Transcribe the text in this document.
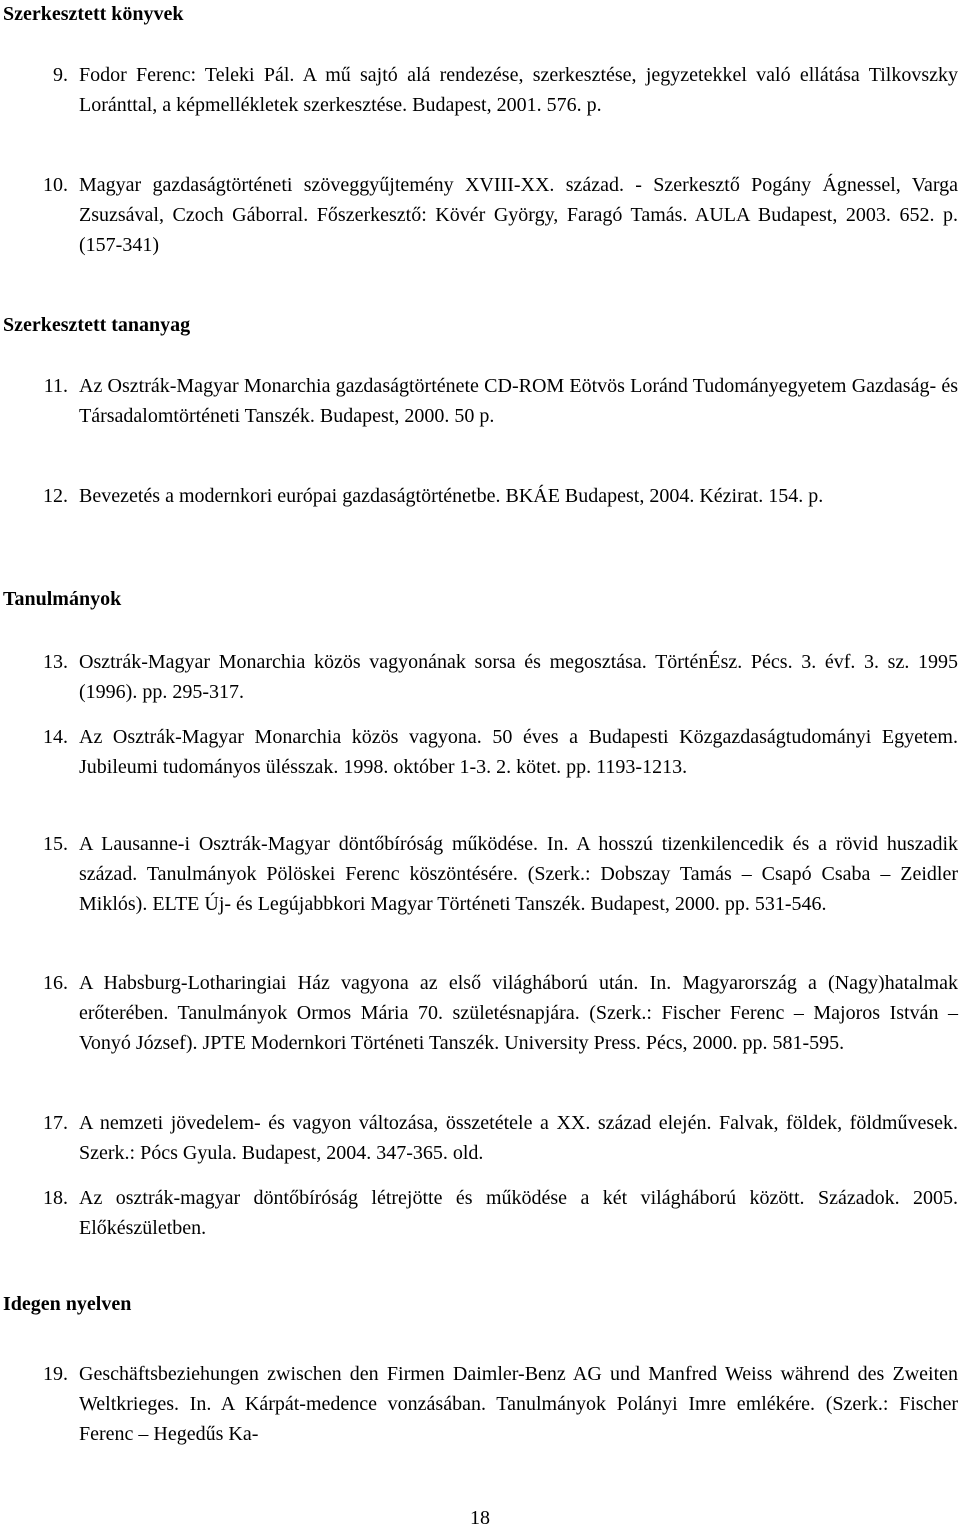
Szerkesztett könyvek
9. Fodor Ferenc: Teleki Pál. A mű sajtó alá rendezése, szerkesztése, jegyzetekkel való ellátása Tilkovszky Loránttal, a képmellékletek szerkesztése. Budapest, 2001. 576. p.
10. Magyar gazdaságtörténeti szöveggyűjtemény XVIII-XX. század. - Szerkesztő Pogány Ágnessel, Varga Zsuzsával, Czoch Gáborral. Főszerkesztő: Kövér György, Faragó Tamás. AULA Budapest, 2003. 652. p. (157-341)
Szerkesztett tananyag
11. Az Osztrák-Magyar Monarchia gazdaságtörténete CD-ROM Eötvös Loránd Tudományegyetem Gazdaság- és Társadalomtörténeti Tanszék. Budapest, 2000. 50 p.
12. Bevezetés a modernkori európai gazdaságtörténetbe. BKÁE Budapest, 2004. Kézirat. 154. p.
Tanulmányok
13. Osztrák-Magyar Monarchia közös vagyonának sorsa és megosztása. TörténÉsz. Pécs. 3. évf. 3. sz. 1995 (1996). pp. 295-317.
14. Az Osztrák-Magyar Monarchia közös vagyona. 50 éves a Budapesti Közgazdaságtudományi Egyetem. Jubileumi tudományos ülésszak. 1998. október 1-3. 2. kötet. pp. 1193-1213.
15. A Lausanne-i Osztrák-Magyar döntőbíróság működése. In. A hosszú tizenkilencedik és a rövid huszadik század. Tanulmányok Pölöskei Ferenc köszöntésére. (Szerk.: Dobszay Tamás – Csapó Csaba – Zeidler Miklós). ELTE Új- és Legújabbkori Magyar Történeti Tanszék. Budapest, 2000. pp. 531-546.
16. A Habsburg-Lotharingiai Ház vagyona az első világháború után. In. Magyarország a (Nagy)hatalmak erőterében. Tanulmányok Ormos Mária 70. születésnapjára. (Szerk.: Fischer Ferenc – Majoros István – Vonyó József). JPTE Modernkori Történeti Tanszék. University Press. Pécs, 2000. pp. 581-595.
17. A nemzeti jövedelem- és vagyon változása, összetétele a XX. század elején. Falvak, földek, földművesek. Szerk.: Pócs Gyula. Budapest, 2004. 347-365. old.
18. Az osztrák-magyar döntőbíróság létrejötte és működése a két világháború között. Századok. 2005. Előkészületben.
Idegen nyelven
19. Geschäftsbeziehungen zwischen den Firmen Daimler-Benz AG und Manfred Weiss während des Zweiten Weltkrieges. In. A Kárpát-medence vonzásában. Tanulmányok Polányi Imre emlékére. (Szerk.: Fischer Ferenc – Hegedűs Ka-
18
